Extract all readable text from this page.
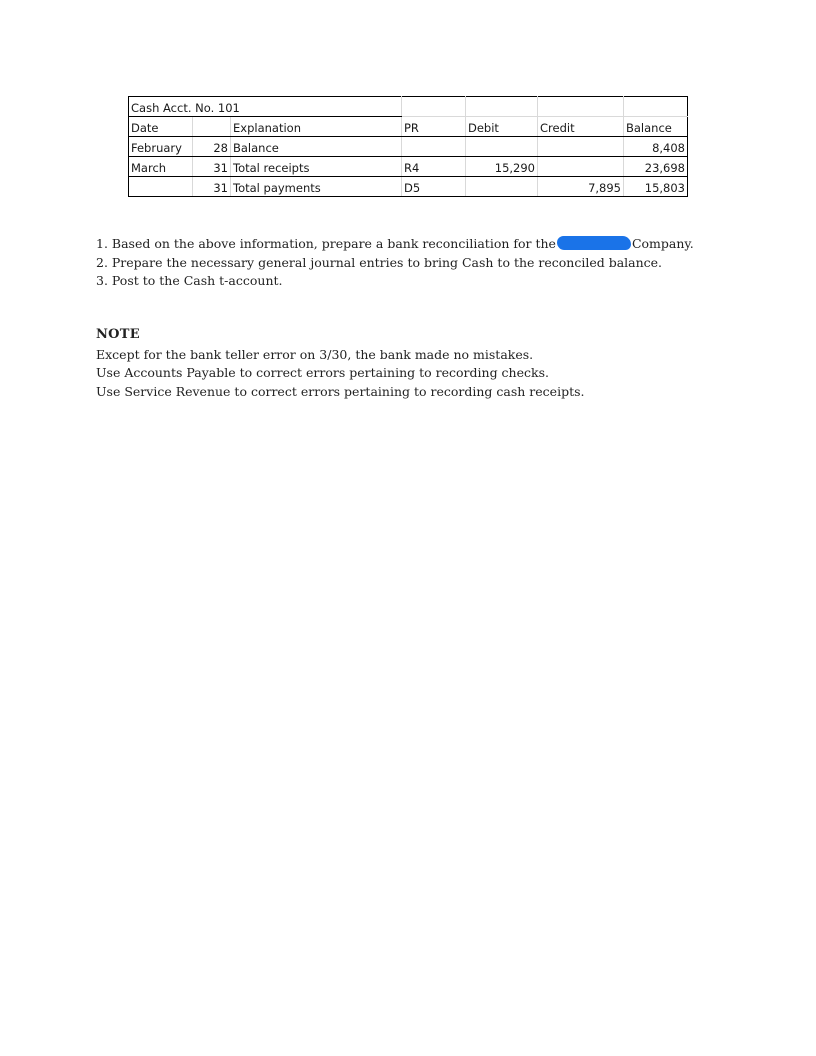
Cash Acct. No. 101						
Date		Explanation	PR	Debit	Credit	Balance
February	28	Balance				8,408
March	31	Total receipts	R4	15,290		23,698
	31	Total payments	D5		7,895	15,803
1. Based on the above information, prepare a bank reconciliation for the	Company.
2. Prepare the necessary general journal entries to bring Cash to the reconciled balance.
3. Post to the Cash t-account.
NOTE

Except for the bank teller error on 3/30, the bank made no mistakes.

Use Accounts Payable to correct errors pertaining to recording checks.

Use Service Revenue to correct errors pertaining to recording cash receipts.
